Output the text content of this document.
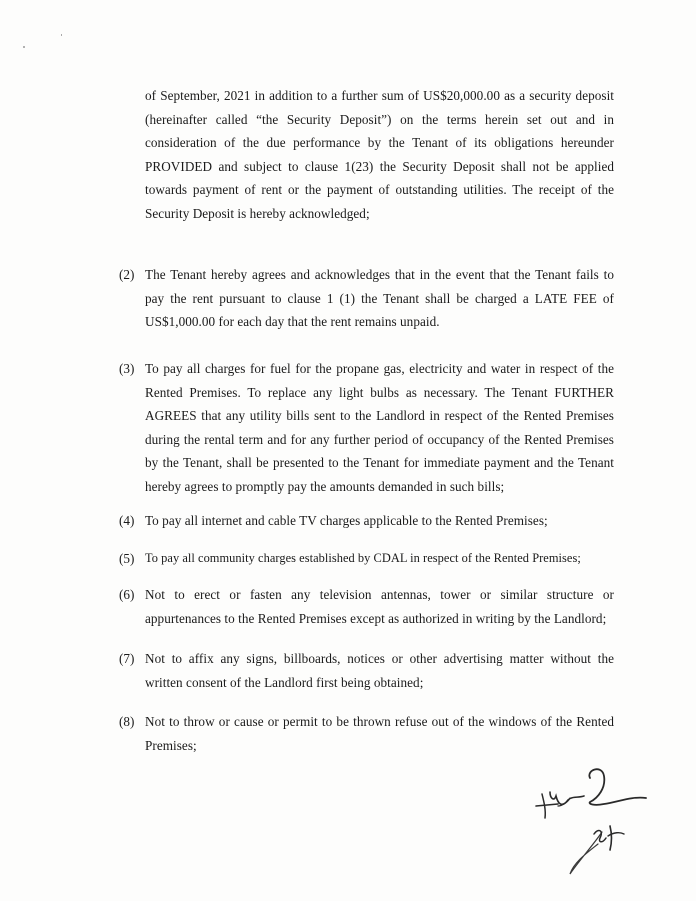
of September, 2021 in addition to a further sum of US$20,000.00 as a security deposit (hereinafter called “the Security Deposit”) on the terms herein set out and in consideration of the due performance by the Tenant of its obligations hereunder PROVIDED and subject to clause 1(23) the Security Deposit shall not be applied towards payment of rent or the payment of outstanding utilities. The receipt of the Security Deposit is hereby acknowledged;

(2) The Tenant hereby agrees and acknowledges that in the event that the Tenant fails to pay the rent pursuant to clause 1 (1) the Tenant shall be charged a LATE FEE of US$1,000.00 for each day that the rent remains unpaid.

(3) To pay all charges for fuel for the propane gas, electricity and water in respect of the Rented Premises. To replace any light bulbs as necessary. The Tenant FURTHER AGREES that any utility bills sent to the Landlord in respect of the Rented Premises during the rental term and for any further period of occupancy of the Rented Premises by the Tenant, shall be presented to the Tenant for immediate payment and the Tenant hereby agrees to promptly pay the amounts demanded in such bills;

(4) To pay all internet and cable TV charges applicable to the Rented Premises;

(5) To pay all community charges established by CDAL in respect of the Rented Premises;

(6) Not to erect or fasten any television antennas, tower or similar structure or appurtenances to the Rented Premises except as authorized in writing by the Landlord;

(7) Not to affix any signs, billboards, notices or other advertising matter without the written consent of the Landlord first being obtained;

(8) Not to throw or cause or permit to be thrown refuse out of the windows of the Rented Premises;
